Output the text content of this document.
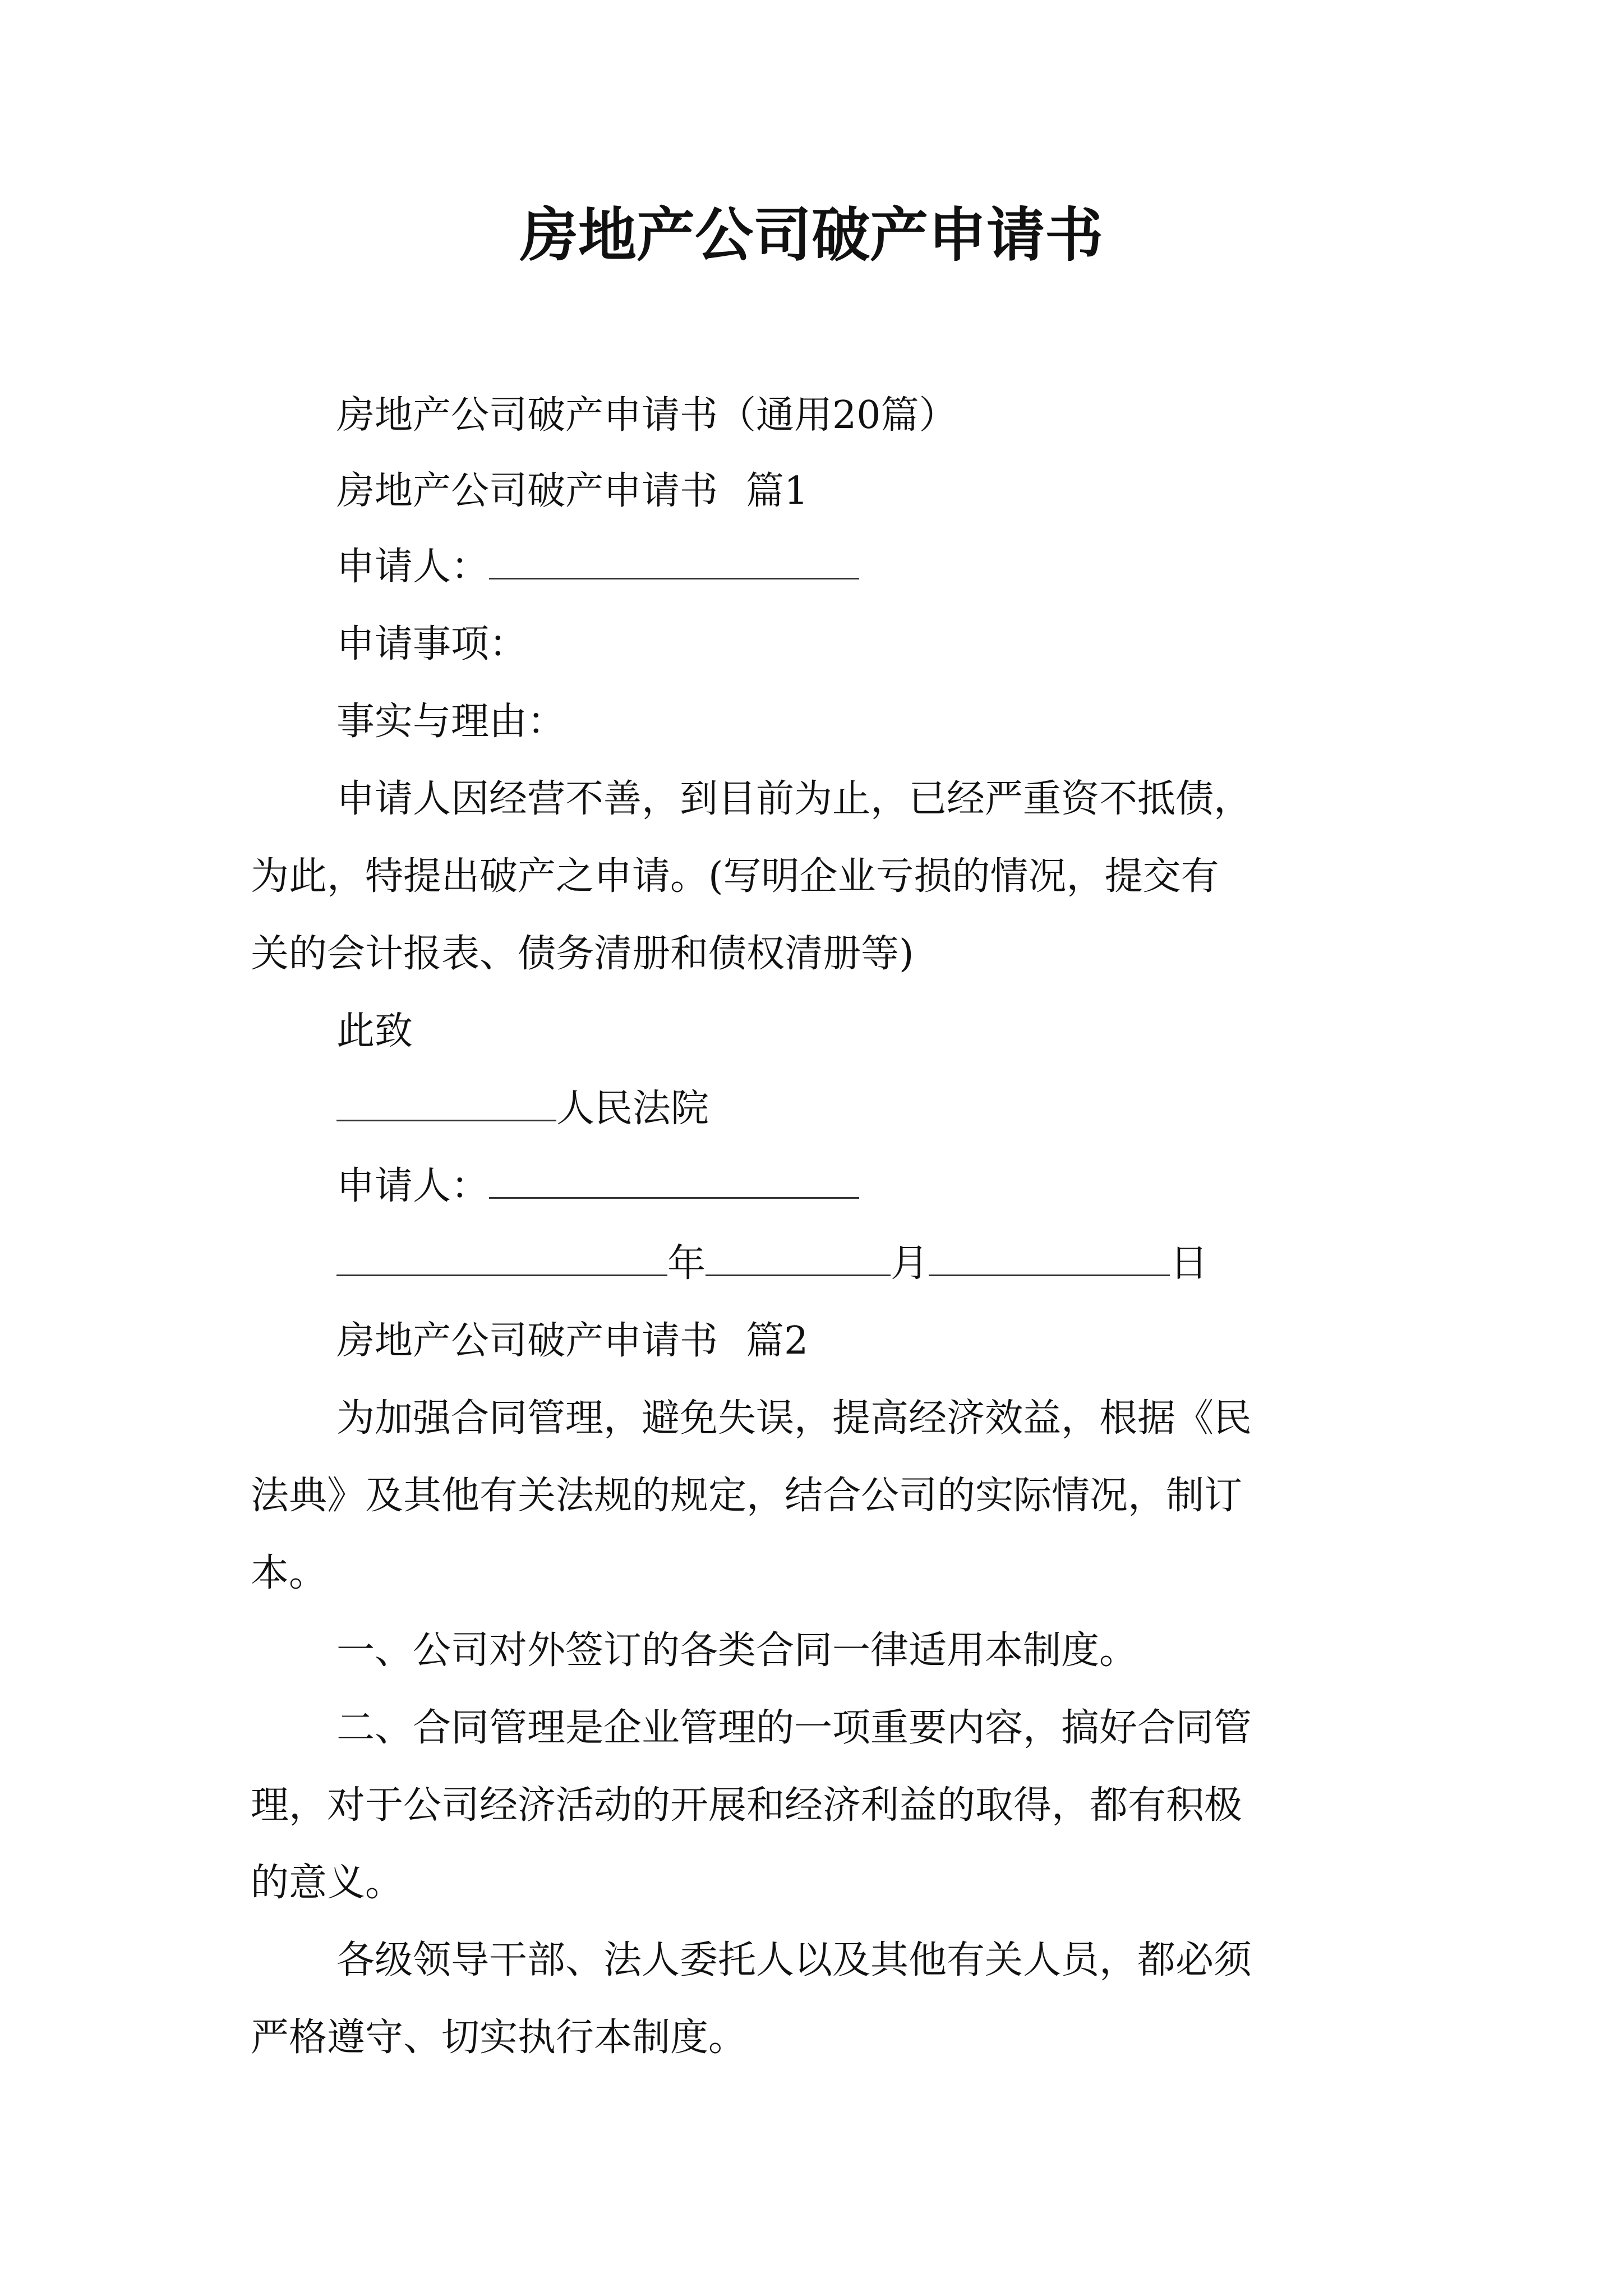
房地产公司破产申请书
房地产公司破产申请书（通用20篇）
房地产公司破产申请书 篇1
申请人：
申请事项：
事实与理由：
申请人因经营不善，到目前为止，已经严重资不抵债，
为此，特提出破产之申请。(写明企业亏损的情况，提交有
关的会计报表、债务清册和债权清册等)
此致
人民法院
申请人：
年	月	日
房地产公司破产申请书 篇2
为加强合同管理，避免失误，提高经济效益，根据《民
法典》及其他有关法规的规定，结合公司的实际情况，制订
本。
一、公司对外签订的各类合同一律适用本制度。
二、合同管理是企业管理的一项重要内容，搞好合同管
理，对于公司经济活动的开展和经济利益的取得，都有积极
的意义。
各级领导干部、法人委托人以及其他有关人员，都必须
严格遵守、切实执行本制度。
